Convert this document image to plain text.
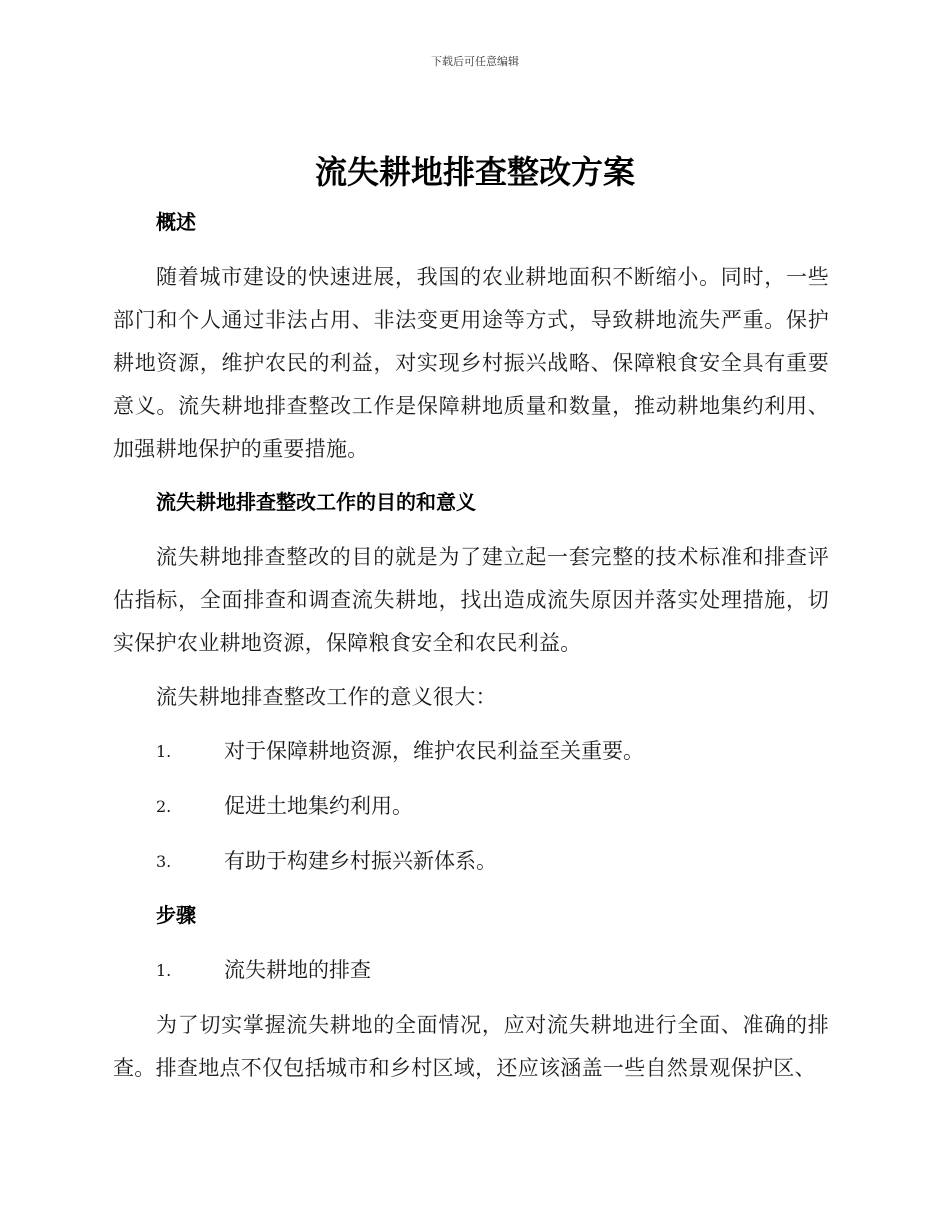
下载后可任意编辑
流失耕地排查整改方案
概述

随着城市建设的快速进展，我国的农业耕地面积不断缩小。同时，一些部门和个人通过非法占用、非法变更用途等方式，导致耕地流失严重。保护耕地资源，维护农民的利益，对实现乡村振兴战略、保障粮食安全具有重要意义。流失耕地排查整改工作是保障耕地质量和数量，推动耕地集约利用、加强耕地保护的重要措施。

流失耕地排查整改工作的目的和意义

流失耕地排查整改的目的就是为了建立起一套完整的技术标准和排查评估指标，全面排查和调查流失耕地，找出造成流失原因并落实处理措施，切实保护农业耕地资源，保障粮食安全和农民利益。

流失耕地排查整改工作的意义很大：

1.	对于保障耕地资源，维护农民利益至关重要。
2.	促进土地集约利用。
3.	有助于构建乡村振兴新体系。
步骤
1.	流失耕地的排查

为了切实掌握流失耕地的全面情况，应对流失耕地进行全面、准确的排查。排查地点不仅包括城市和乡村区域，还应该涵盖一些自然景观保护区、
